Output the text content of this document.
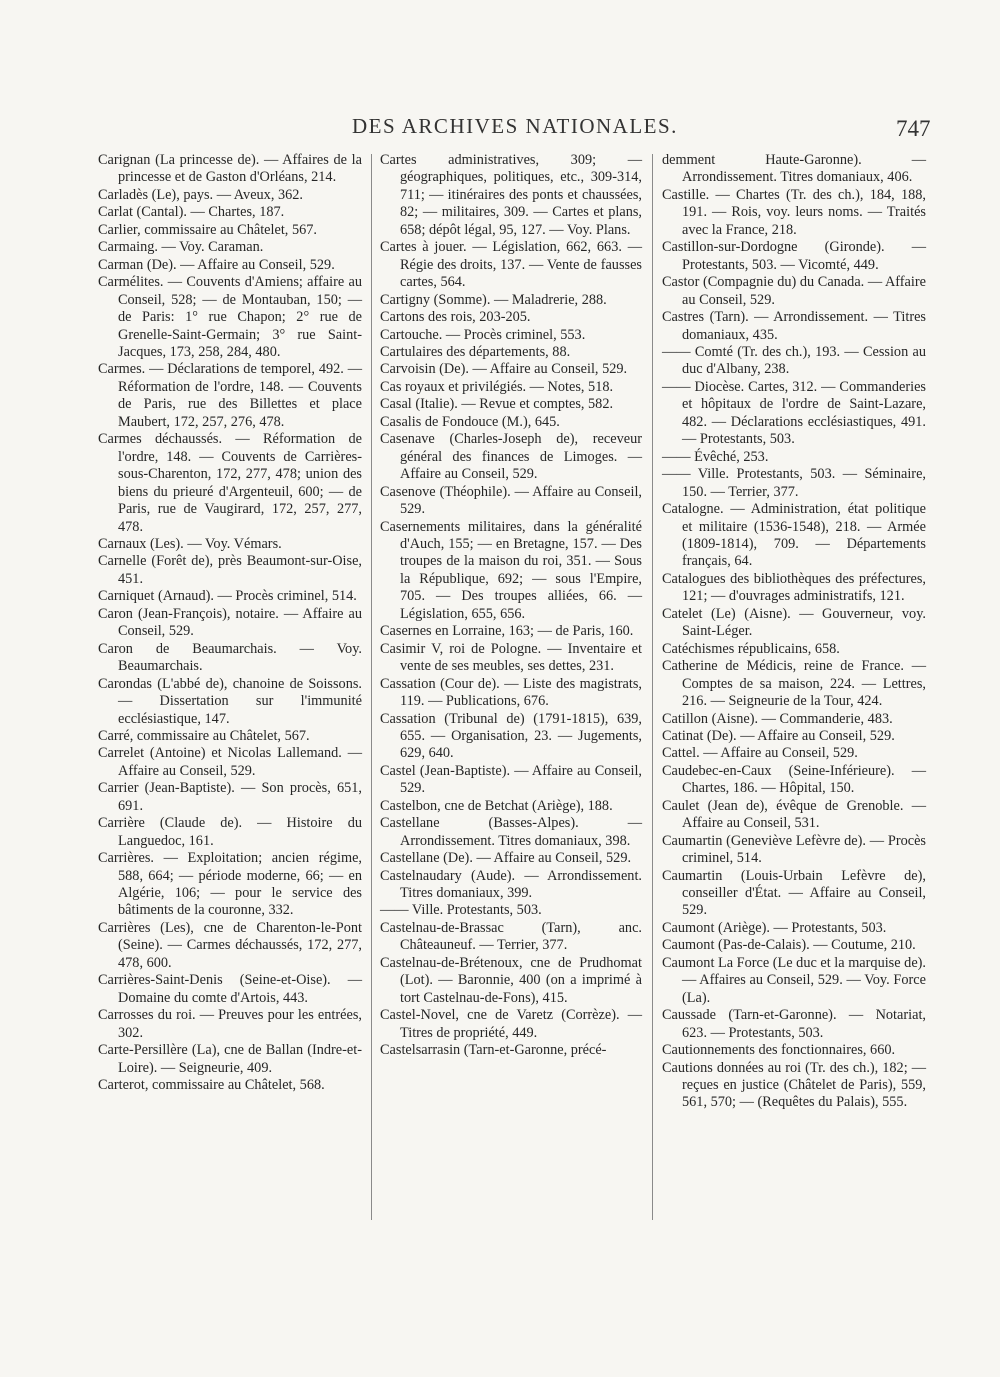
DES ARCHIVES NATIONALES.	747

Carignan (La princesse de). — Affaires de la princesse et de Gaston d'Orléans, 214.

Carladès (Le), pays. — Aveux, 362.

Carlat (Cantal). — Chartes, 187.

Carlier, commissaire au Châtelet, 567.

Carmaing. — Voy. Caraman.

Carman (De). — Affaire au Conseil, 529.

Carmélites. — Couvents d'Amiens; affaire au Conseil, 528; — de Montauban, 150; — de Paris: 1° rue Chapon; 2° rue de Grenelle-Saint-Germain; 3° rue Saint-Jacques, 173, 258, 284, 480.

Carmes. — Déclarations de temporel, 492. — Réformation de l'ordre, 148. — Couvents de Paris, rue des Billettes et place Maubert, 172, 257, 276, 478.

Carmes déchaussés. — Réformation de l'ordre, 148. — Couvents de Carrières-sous-Charenton, 172, 277, 478; union des biens du prieuré d'Argenteuil, 600; — de Paris, rue de Vaugirard, 172, 257, 277, 478.

Carnaux (Les). — Voy. Vémars.

Carnelle (Forêt de), près Beaumont-sur-Oise, 451.

Carniquet (Arnaud). — Procès criminel, 514.

Caron (Jean-François), notaire. — Affaire au Conseil, 529.

Caron de Beaumarchais. — Voy. Beaumarchais.

Carondas (L'abbé de), chanoine de Soissons. — Dissertation sur l'immunité ecclésiastique, 147.

Carré, commissaire au Châtelet, 567.

Carrelet (Antoine) et Nicolas Lallemand. — Affaire au Conseil, 529.

Carrier (Jean-Baptiste). — Son procès, 651, 691.

Carrière (Claude de). — Histoire du Languedoc, 161.

Carrières. — Exploitation; ancien régime, 588, 664; — période moderne, 66; — en Algérie, 106; — pour le service des bâtiments de la couronne, 332.

Carrières (Les), cne de Charenton-le-Pont (Seine). — Carmes déchaussés, 172, 277, 478, 600.

Carrières-Saint-Denis (Seine-et-Oise). — Domaine du comte d'Artois, 443.

Carrosses du roi. — Preuves pour les entrées, 302.

Carte-Persillère (La), cne de Ballan (Indre-et-Loire). — Seigneurie, 409.

Carterot, commissaire au Châtelet, 568.

Cartes administratives, 309; — géographiques, politiques, etc., 309-314, 711; — itinéraires des ponts et chaussées, 82; — militaires, 309. — Cartes et plans, 658; dépôt légal, 95, 127. — Voy. Plans.

Cartes à jouer. — Législation, 662, 663. — Régie des droits, 137. — Vente de fausses cartes, 564.

Cartigny (Somme). — Maladrerie, 288.

Cartons des rois, 203-205.

Cartouche. — Procès criminel, 553.

Cartulaires des départements, 88.

Carvoisin (De). — Affaire au Conseil, 529.

Cas royaux et privilégiés. — Notes, 518.

Casal (Italie). — Revue et comptes, 582.

Casalis de Fondouce (M.), 645.

Casenave (Charles-Joseph de), receveur général des finances de Limoges. — Affaire au Conseil, 529.

Casenove (Théophile). — Affaire au Conseil, 529.

Casernements militaires, dans la généralité d'Auch, 155; — en Bretagne, 157. — Des troupes de la maison du roi, 351. — Sous la République, 692; — sous l'Empire, 705. — Des troupes alliées, 66. — Législation, 655, 656.

Casernes en Lorraine, 163; — de Paris, 160.

Casimir V, roi de Pologne. — Inventaire et vente de ses meubles, ses dettes, 231.

Cassation (Cour de). — Liste des magistrats, 119. — Publications, 676.

Cassation (Tribunal de) (1791-1815), 639, 655. — Organisation, 23. — Jugements, 629, 640.

Castel (Jean-Baptiste). — Affaire au Conseil, 529.

Castelbon, cne de Betchat (Ariège), 188.

Castellane (Basses-Alpes). — Arrondissement. Titres domaniaux, 398.

Castellane (De). — Affaire au Conseil, 529.

Castelnaudary (Aude). — Arrondissement. Titres domaniaux, 399.

—— Ville. Protestants, 503.

Castelnau-de-Brassac (Tarn), anc. Châteauneuf. — Terrier, 377.

Castelnau-de-Brétenoux, cne de Prudhomat (Lot). — Baronnie, 400 (on a imprimé à tort Castelnau-de-Fons), 415.

Castel-Novel, cne de Varetz (Corrèze). — Titres de propriété, 449.

Castelsarrasin (Tarn-et-Garonne, précé-

demment Haute-Garonne). — Arrondissement. Titres domaniaux, 406.

Castille. — Chartes (Tr. des ch.), 184, 188, 191. — Rois, voy. leurs noms. — Traités avec la France, 218.

Castillon-sur-Dordogne (Gironde). — Protestants, 503. — Vicomté, 449.

Castor (Compagnie du) du Canada. — Affaire au Conseil, 529.

Castres (Tarn). — Arrondissement. — Titres domaniaux, 435.

—— Comté (Tr. des ch.), 193. — Cession au duc d'Albany, 238.

—— Diocèse. Cartes, 312. — Commanderies et hôpitaux de l'ordre de Saint-Lazare, 482. — Déclarations ecclésiastiques, 491. — Protestants, 503.

—— Évêché, 253.

—— Ville. Protestants, 503. — Séminaire, 150. — Terrier, 377.

Catalogne. — Administration, état politique et militaire (1536-1548), 218. — Armée (1809-1814), 709. — Départements français, 64.

Catalogues des bibliothèques des préfectures, 121; — d'ouvrages administratifs, 121.

Catelet (Le) (Aisne). — Gouverneur, voy. Saint-Léger.

Catéchismes républicains, 658.

Catherine de Médicis, reine de France. — Comptes de sa maison, 224. — Lettres, 216. — Seigneurie de la Tour, 424.

Catillon (Aisne). — Commanderie, 483.

Catinat (De). — Affaire au Conseil, 529.

Cattel. — Affaire au Conseil, 529.

Caudebec-en-Caux (Seine-Inférieure). — Chartes, 186. — Hôpital, 150.

Caulet (Jean de), évêque de Grenoble. — Affaire au Conseil, 531.

Caumartin (Geneviève Lefèvre de). — Procès criminel, 514.

Caumartin (Louis-Urbain Lefèvre de), conseiller d'État. — Affaire au Conseil, 529.

Caumont (Ariège). — Protestants, 503.

Caumont (Pas-de-Calais). — Coutume, 210.

Caumont La Force (Le duc et la marquise de). — Affaires au Conseil, 529. — Voy. Force (La).

Caussade (Tarn-et-Garonne). — Notariat, 623. — Protestants, 503.

Cautionnements des fonctionnaires, 660.

Cautions données au roi (Tr. des ch.), 182; — reçues en justice (Châtelet de Paris), 559, 561, 570; — (Requêtes du Palais), 555.
